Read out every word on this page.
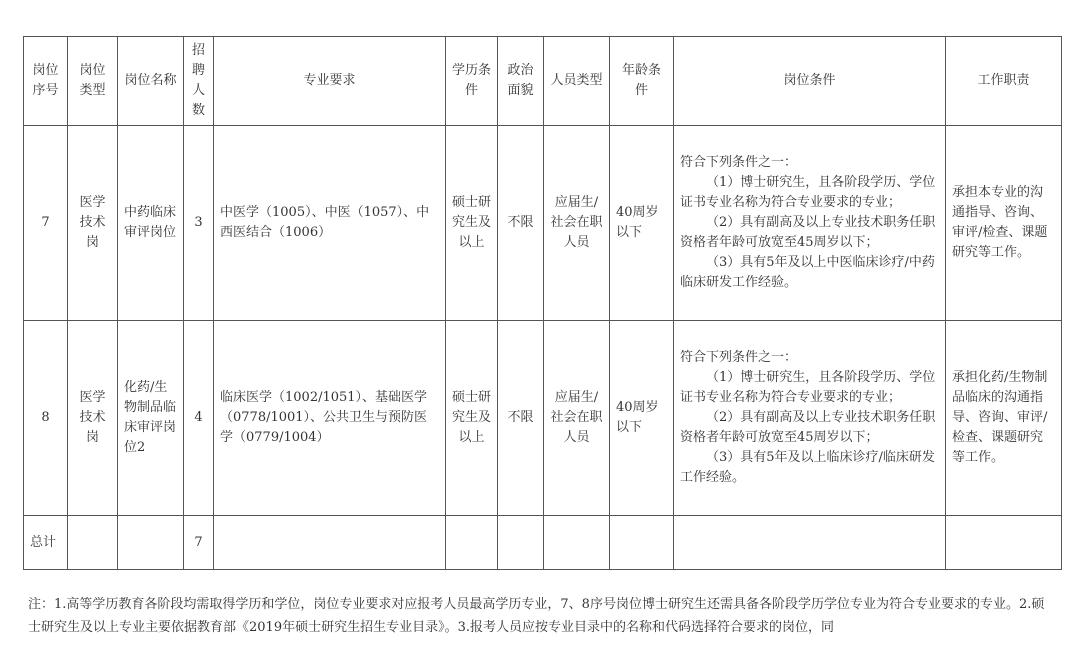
岗位序号	岗位类型	岗位名称	招聘人数	专业要求	学历条件	政治面貌	人员类型	年龄条件	岗位条件	工作职责
7	医学技术岗	中药临床审评岗位	3	中医学（1005）、中医（1057）、中西医结合（1006）	硕士研究生及以上	不限	应届生/社会在职人员	40周岁以下	符合下列条件之一：
（1）博士研究生，且各阶段学历、学位证书专业名称为符合专业要求的专业；
（2）具有副高及以上专业技术职务任职资格者年龄可放宽至45周岁以下；
（3）具有5年及以上中医临床诊疗/中药临床研发工作经验。	承担本专业的沟通指导、咨询、审评/检查、课题研究等工作。
8	医学技术岗	化药/生物制品临床审评岗位2	4	临床医学（1002/1051）、基础医学（0778/1001）、公共卫生与预防医学（0779/1004）	硕士研究生及以上	不限	应届生/社会在职人员	40周岁以下	符合下列条件之一：
（1）博士研究生，且各阶段学历、学位证书专业名称为符合专业要求的专业；
（2）具有副高及以上专业技术职务任职资格者年龄可放宽至45周岁以下；
（3）具有5年及以上临床诊疗/临床研发工作经验。	承担化药/生物制品临床的沟通指导、咨询、审评/检查、课题研究等工作。
总计			7							
注：1.高等学历教育各阶段均需取得学历和学位，岗位专业要求对应报考人员最高学历专业，7、8序号岗位博士研究生还需具备各阶段学历学位专业为符合专业要求的专业。2.硕士研究生及以上专业主要依据教育部《2019年硕士研究生招生专业目录》。3.报考人员应按专业目录中的名称和代码选择符合要求的岗位，同
